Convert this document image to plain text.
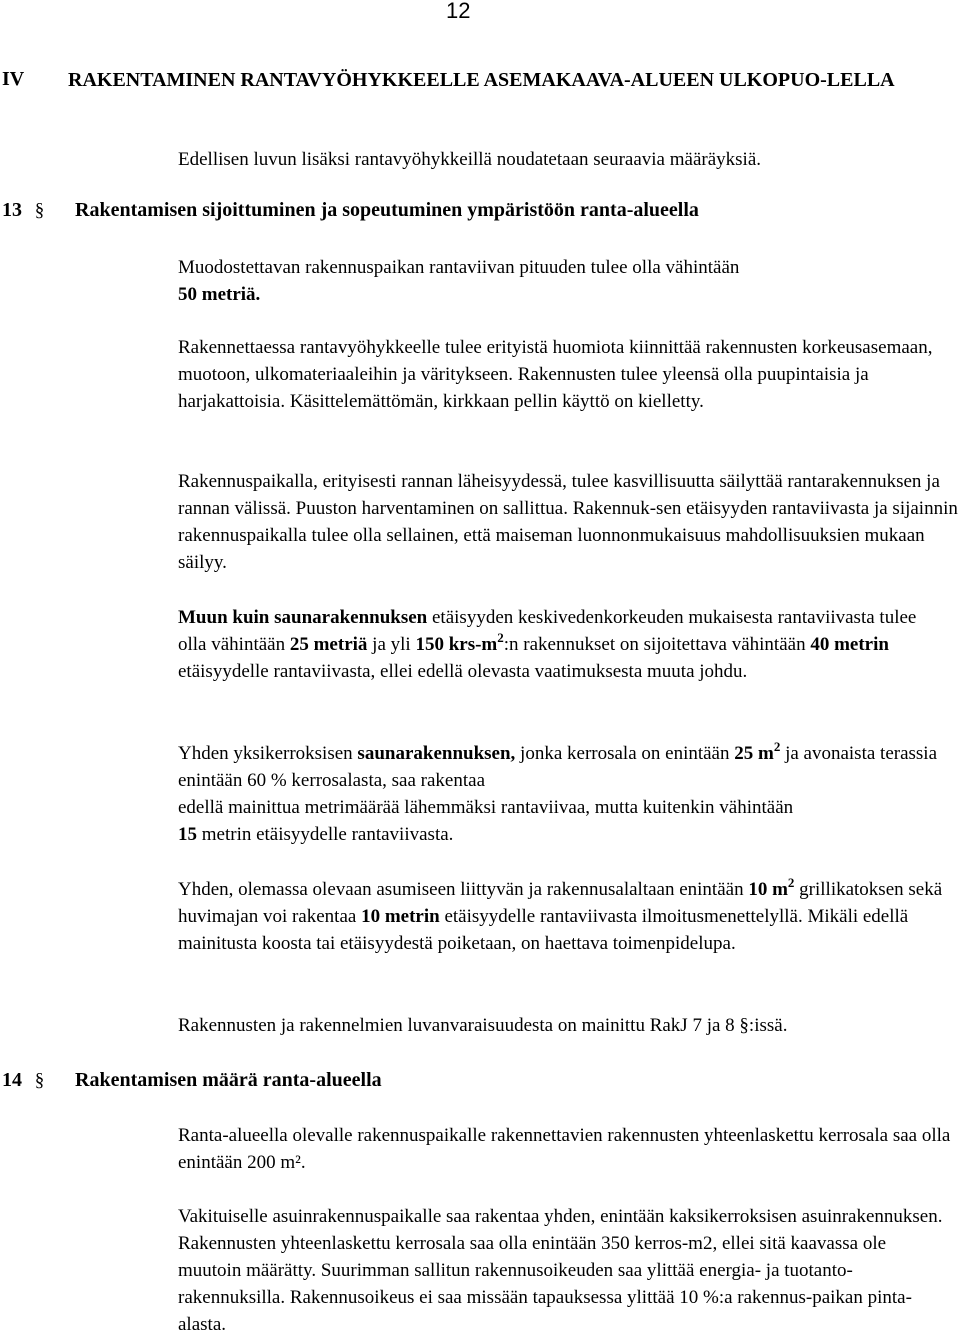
12
IV RAKENTAMINEN RANTAVYÖHYKKEELLE ASEMAKAAVA-ALUEEN ULKOPUO-LELLA
Edellisen luvun lisäksi rantavyöhykkeillä noudatetaan seuraavia määräyksiä.
13 § Rakentamisen sijoittuminen ja sopeutuminen ympäristöön ranta-alueella
Muodostettavan rakennuspaikan rantaviivan pituuden tulee olla vähintään 50 metriä.
Rakennettaessa rantavyöhykkeelle tulee erityistä huomiota kiinnittää rakennusten korkeusasemaan, muotoon, ulkomateriaaleihin ja väritykseen. Rakennusten tulee yleensä olla puupintaisia ja harjakattoisia. Käsittelemättömän, kirkkaan pellin käyttö on kielletty.
Rakennuspaikalla, erityisesti rannan läheisyydessä, tulee kasvillisuutta säilyttää rantarakennuksen ja rannan välissä. Puuston harventaminen on sallittua. Rakennuk-sen etäisyyden rantaviivasta ja sijainnin rakennuspaikalla tulee olla sellainen, että maiseman luonnonmukaisuus mahdollisuuksien mukaan säilyy.
Muun kuin saunarakennuksen etäisyyden keskivedenkorkeuden mukaisesta rantaviivasta tulee olla vähintään 25 metriä ja yli 150 krs-$m^2:n$ rakennukset on sijoitettava vähintään 40 metrin etäisyydelle rantaviivasta, ellei edellä olevasta vaatimuksesta muuta johdu.
Yhden yksikerroksisen saunarakennuksen, jonka kerrosala on enintään 25 $m^2$ ja avonaista terassia enintään 60 % kerrosalasta, saa rakentaa
edellä mainittua metrimäärää lähemmäksi rantaviivaa, mutta kuitenkin vähintään
15 metrin etäisyydelle rantaviivasta.
Yhden, olemassa olevaan asumiseen liittyvän ja rakennusalaltaan enintään 10 $m^2$ grillikatoksen sekä huvimajan voi rakentaa 10 metrin etäisyydelle rantaviivasta ilmoitusmenettelyllä. Mikäli edellä mainitusta koosta tai etäisyydestä poiketaan, on haettava toimenpidelupa.
Rakennusten ja rakennelmien luvanvaraisuudesta on mainittu RakJ 7 ja 8 §:issä.
14 § Rakentamisen määrä ranta-alueella
Ranta-alueella olevalle rakennuspaikalle rakennettavien rakennusten yhteenlaskettu kerrosala saa olla enintään 200 m².
Vakituiselle asuinrakennuspaikalle saa rakentaa yhden, enintään kaksikerroksisen asuinrakennuksen. Rakennusten yhteenlaskettu kerrosala saa olla enintään 350 kerros-m2, ellei sitä kaavassa ole muutoin määrätty. Suurimman sallitun rakennusoikeuden saa ylittää energia- ja tuotanto-rakennuksilla. Rakennusoikeus ei saa missään tapauksessa ylittää 10 %:a rakennus-paikan pinta-alasta.
